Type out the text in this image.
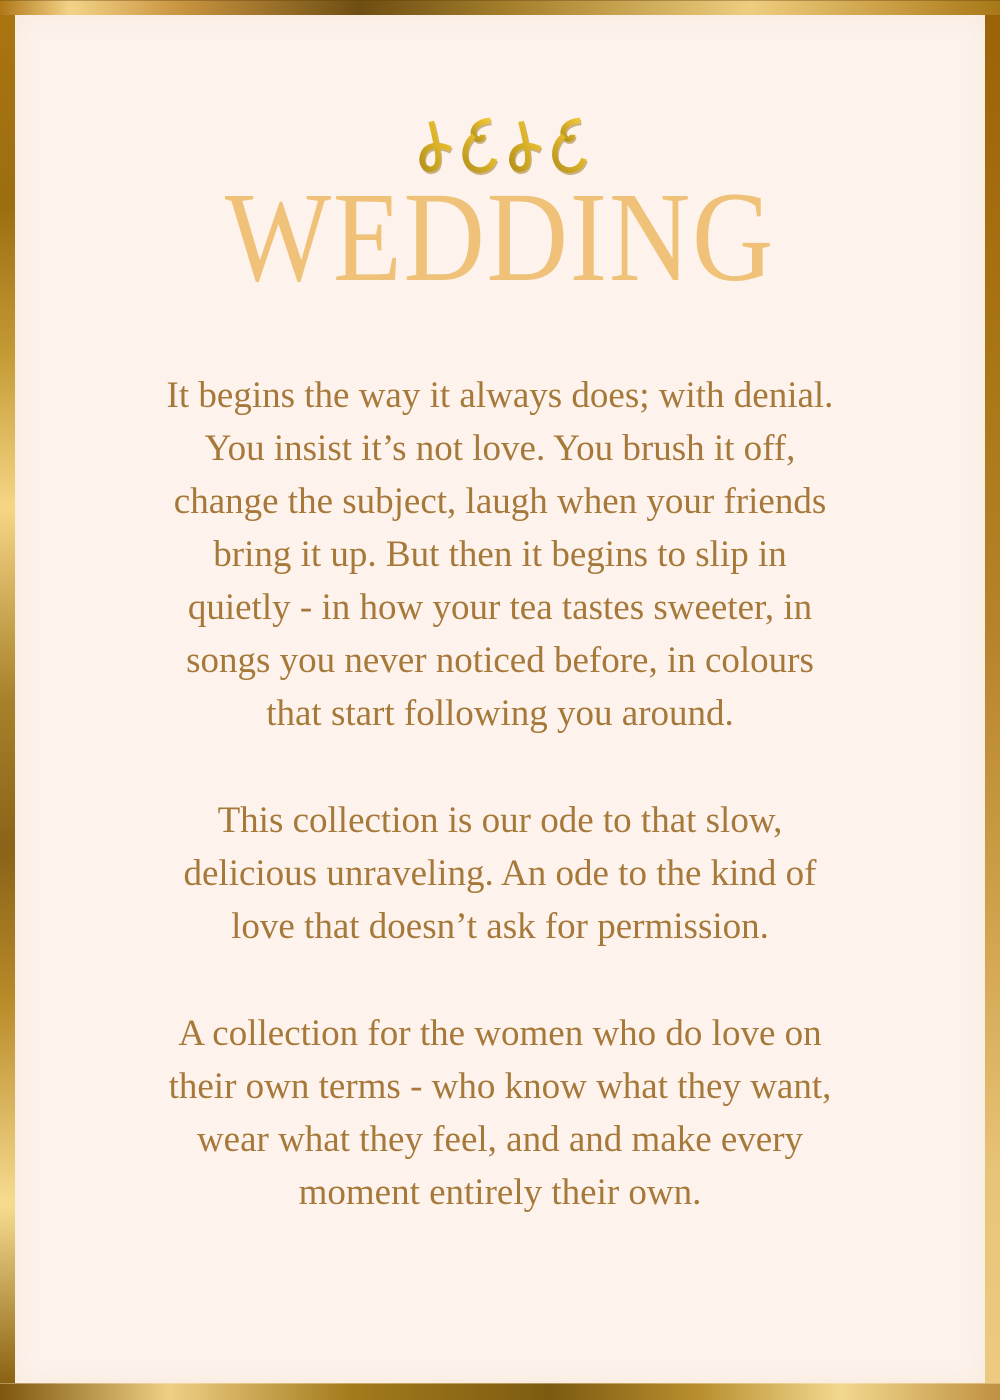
WEDDING
It begins the way it always does; with denial.
You insist it’s not love. You brush it off,
change the subject, laugh when your friends
bring it up. But then it begins to slip in
quietly - in how your tea tastes sweeter, in
songs you never noticed before, in colours
that start following you around.
This collection is our ode to that slow,
delicious unraveling. An ode to the kind of
love that doesn’t ask for permission.
A collection for the women who do love on
their own terms - who know what they want,
wear what they feel, and and make every
moment entirely their own.
